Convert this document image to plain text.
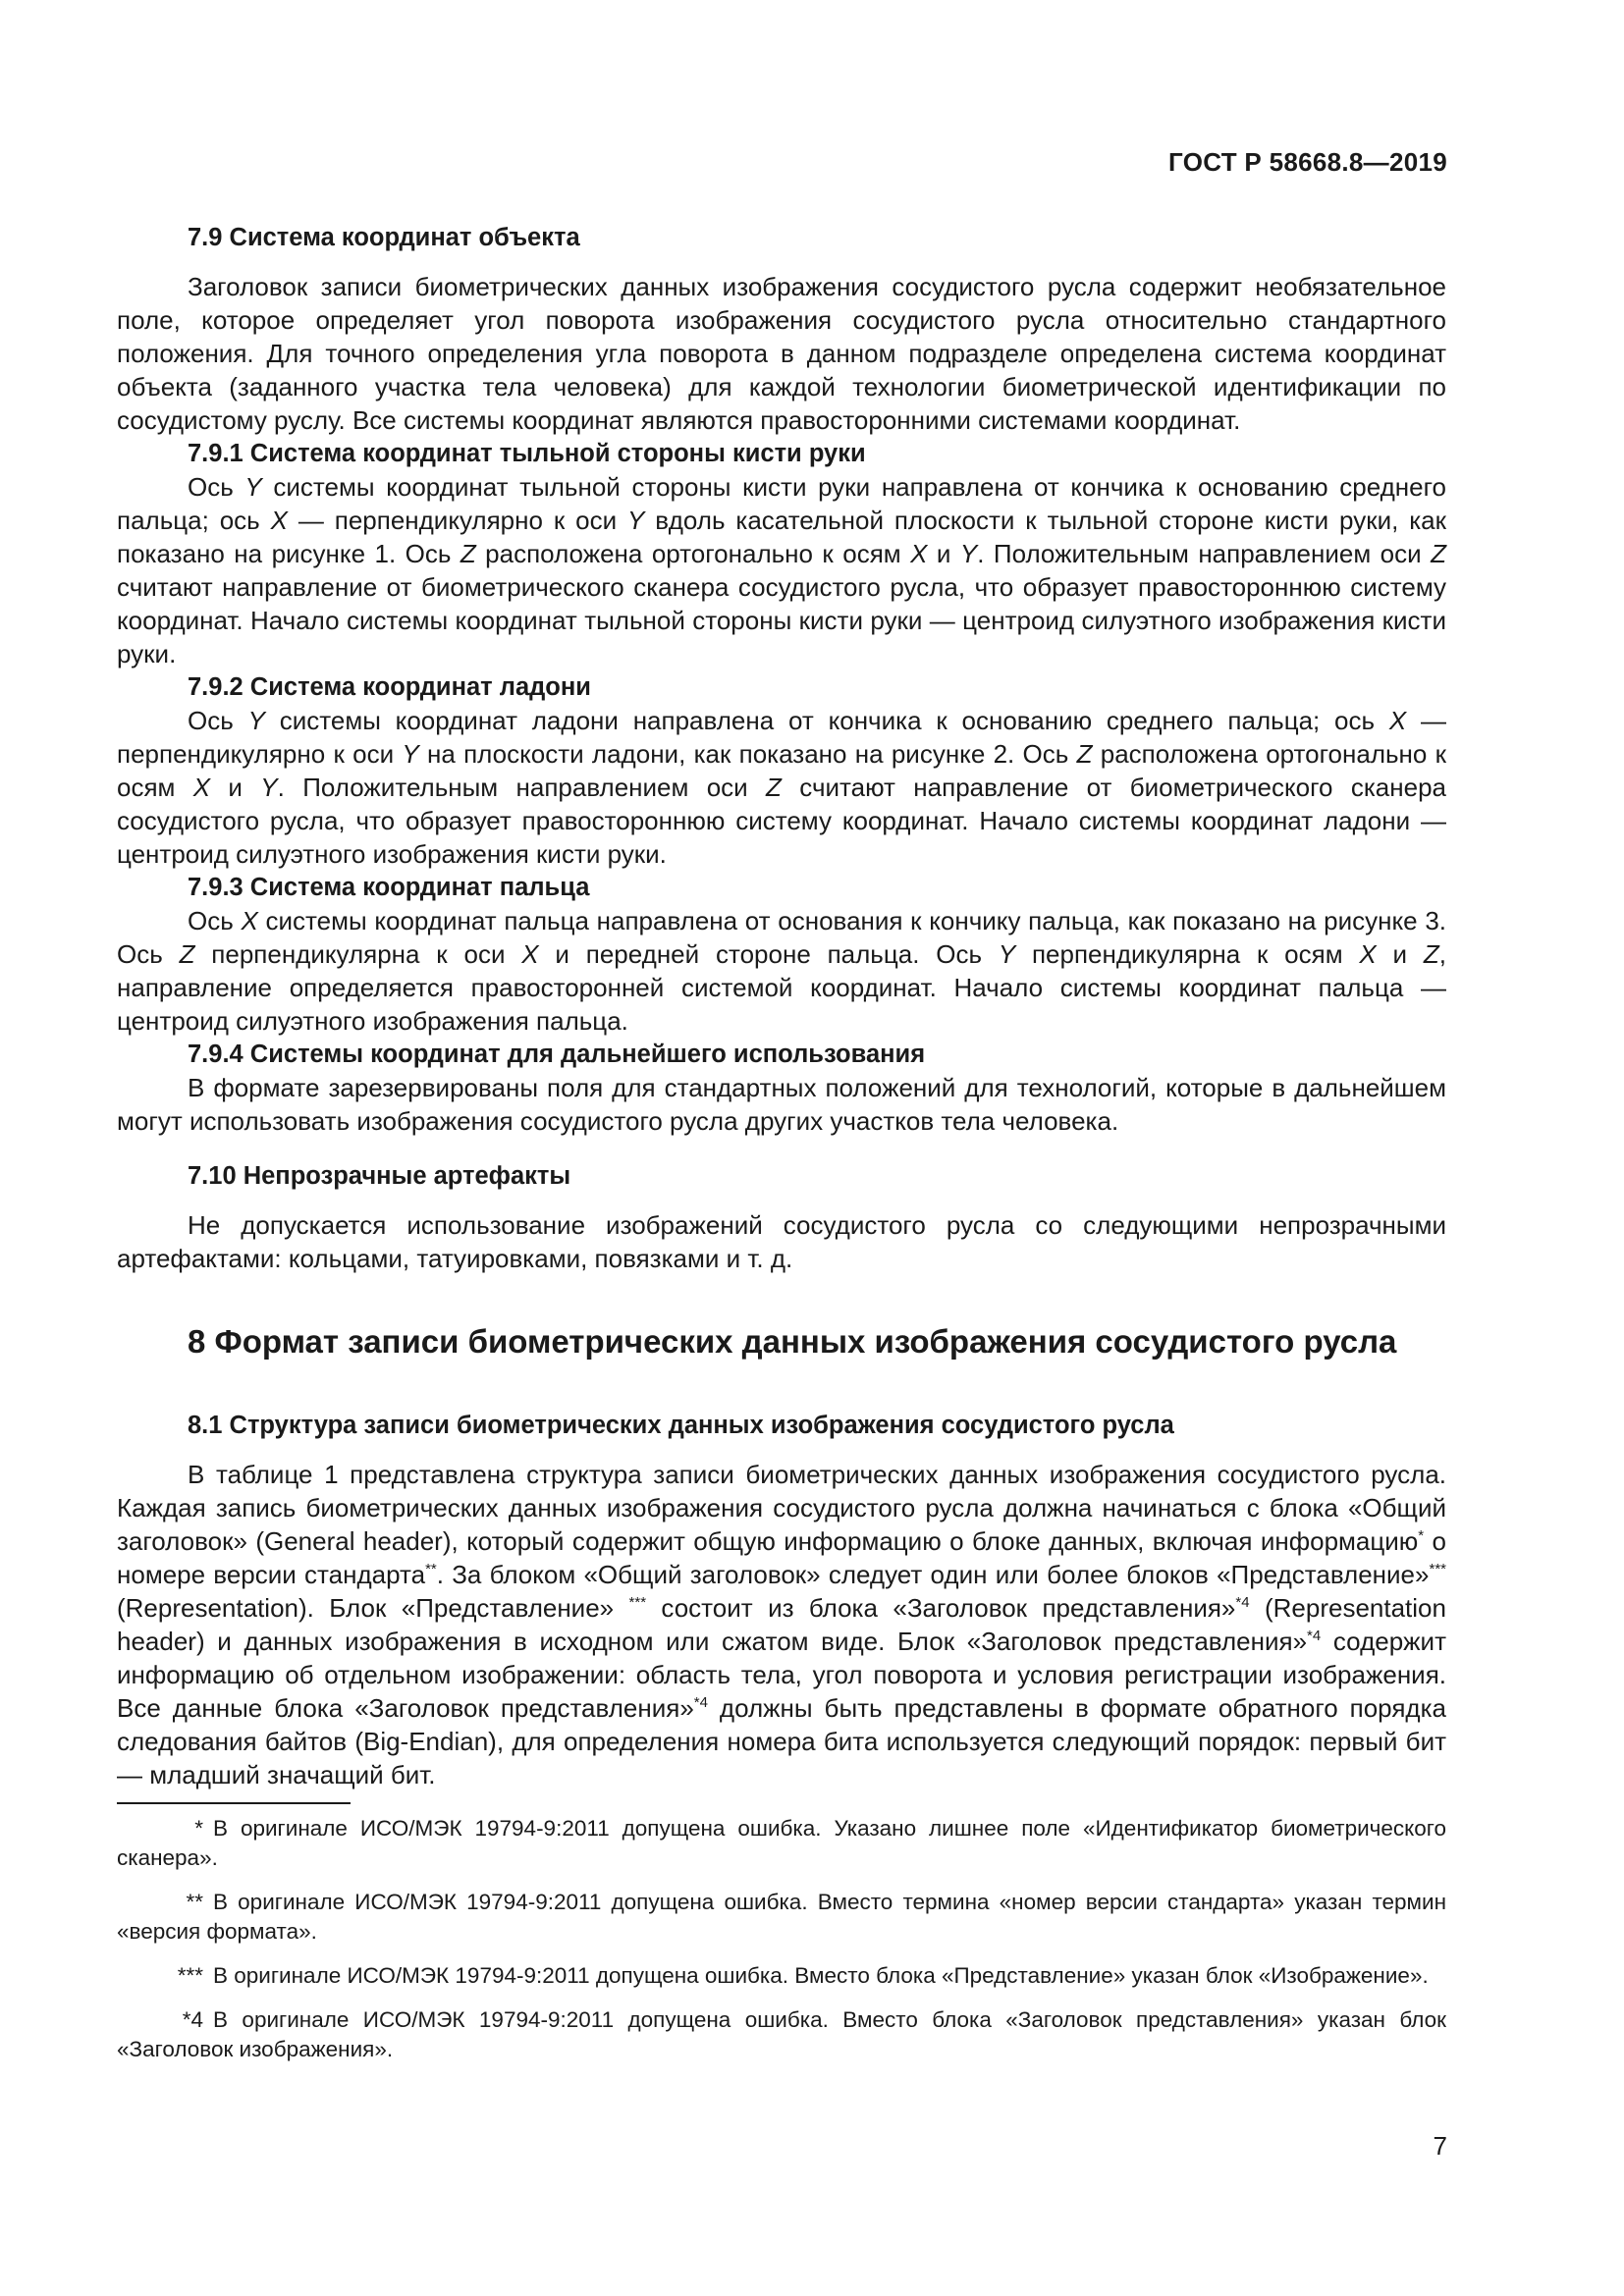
ГОСТ Р 58668.8—2019
7.9 Система координат объекта

Заголовок записи биометрических данных изображения сосудистого русла содержит необязательное поле, которое определяет угол поворота изображения сосудистого русла относительно стандартного положения. Для точного определения угла поворота в данном подразделе определена система координат объекта (заданного участка тела человека) для каждой технологии биометрической идентификации по сосудистому руслу. Все системы координат являются правосторонними системами координат.

7.9.1 Система координат тыльной стороны кисти руки

Ось Y системы координат тыльной стороны кисти руки направлена от кончика к основанию среднего пальца; ось X — перпендикулярно к оси Y вдоль касательной плоскости к тыльной стороне кисти руки, как показано на рисунке 1. Ось Z расположена ортогонально к осям X и Y. Положительным направлением оси Z считают направление от биометрического сканера сосудистого русла, что образует правостороннюю систему координат. Начало системы координат тыльной стороны кисти руки — центроид силуэтного изображения кисти руки.

7.9.2 Система координат ладони

Ось Y системы координат ладони направлена от кончика к основанию среднего пальца; ось X — перпендикулярно к оси Y на плоскости ладони, как показано на рисунке 2. Ось Z расположена ортогонально к осям X и Y. Положительным направлением оси Z считают направление от биометрического сканера сосудистого русла, что образует правостороннюю систему координат. Начало системы координат ладони — центроид силуэтного изображения кисти руки.

7.9.3 Система координат пальца

Ось X системы координат пальца направлена от основания к кончику пальца, как показано на рисунке 3. Ось Z перпендикулярна к оси X и передней стороне пальца. Ось Y перпендикулярна к осям X и Z, направление определяется правосторонней системой координат. Начало системы координат пальца — центроид силуэтного изображения пальца.

7.9.4 Системы координат для дальнейшего использования

В формате зарезервированы поля для стандартных положений для технологий, которые в дальнейшем могут использовать изображения сосудистого русла других участков тела человека.

7.10 Непрозрачные артефакты

Не допускается использование изображений сосудистого русла со следующими непрозрачными артефактами: кольцами, татуировками, повязками и т. д.

8 Формат записи биометрических данных изображения сосудистого русла
8.1 Структура записи биометрических данных изображения сосудистого русла

В таблице 1 представлена структура записи биометрических данных изображения сосудистого русла. Каждая запись биометрических данных изображения сосудистого русла должна начинаться с блока «Общий заголовок» (General header), который содержит общую информацию о блоке данных, включая информацию* о номере версии стандарта**. За блоком «Общий заголовок» следует один или более блоков «Представление»*** (Representation). Блок «Представление» *** состоит из блока «Заголовок представления»$^{*4}$ (Representation header) и данных изображения в исходном или сжатом виде. Блок «Заголовок представления»$^{*4}$ содержит информацию об отдельном изображении: область тела, угол поворота и условия регистрации изображения. Все данные блока «Заголовок представления»$^{*4}$ должны быть представлены в формате обратного порядка следования байтов (Big-Endian), для определения номера бита используется следующий порядок: первый бит — младший значащий бит.

* В оригинале ИСО/МЭК 19794-9:2011 допущена ошибка. Указано лишнее поле «Идентификатор биометрического сканера».

** В оригинале ИСО/МЭК 19794-9:2011 допущена ошибка. Вместо термина «номер версии стандарта» указан термин «версия формата».

*** В оригинале ИСО/МЭК 19794-9:2011 допущена ошибка. Вместо блока «Представление» указан блок «Изображение».

*4 В оригинале ИСО/МЭК 19794-9:2011 допущена ошибка. Вместо блока «Заголовок представления» указан блок «Заголовок изображения».

7
